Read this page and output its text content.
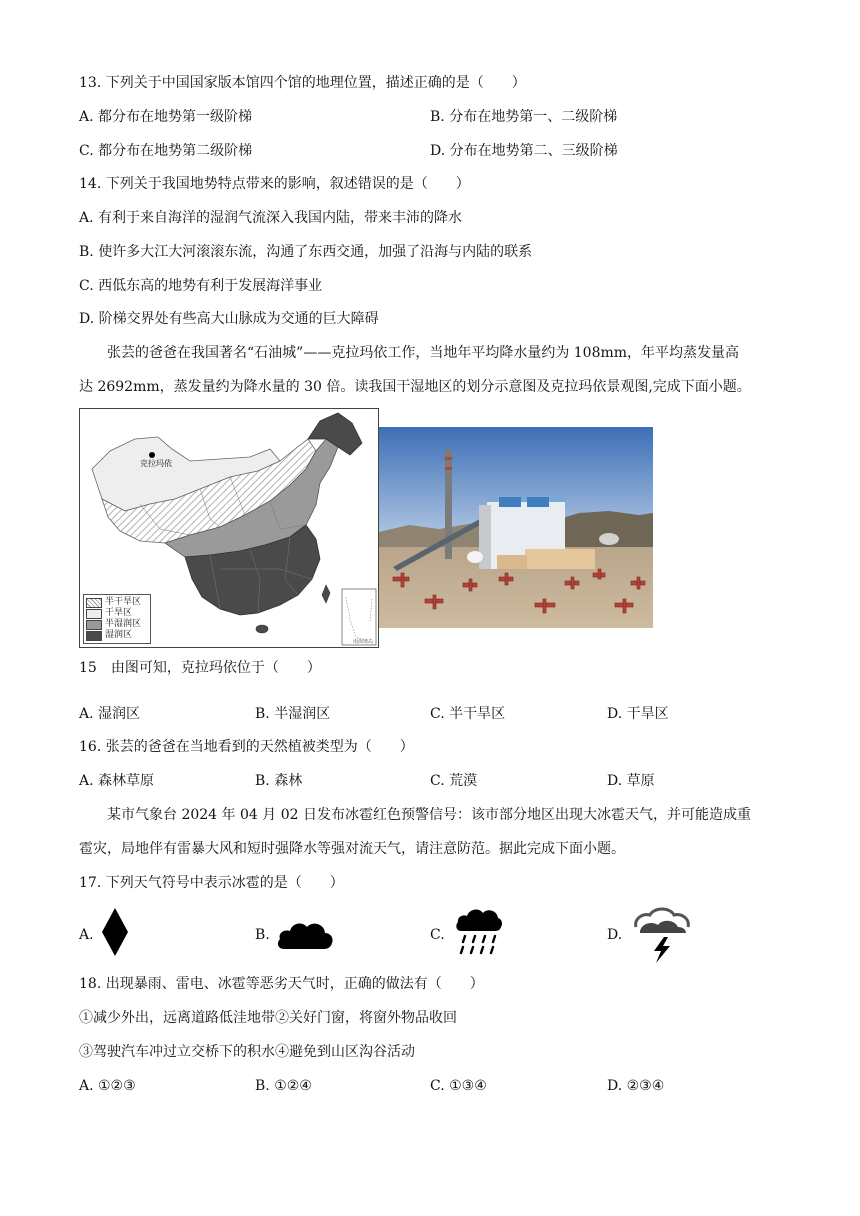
13. 下列关于中国国家版本馆四个馆的地理位置，描述正确的是（　　）
A. 都分布在地势第一级阶梯	B. 分布在地势第一、二级阶梯
C. 都分布在地势第二级阶梯	D. 分布在地势第二、三级阶梯
14. 下列关于我国地势特点带来的影响，叙述错误的是（　　）
A. 有利于来自海洋的湿润气流深入我国内陆，带来丰沛的降水
B. 使许多大江大河滚滚东流，沟通了东西交通，加强了沿海与内陆的联系
C. 西低东高的地势有利于发展海洋事业
D. 阶梯交界处有些高大山脉成为交通的巨大障碍
张芸的爸爸在我国著名“石油城”——克拉玛依工作，当地年平均降水量约为 108mm，年平均蒸发量高
达 2692mm，蒸发量约为降水量的 30 倍。读我国干湿地区的划分示意图及克拉玛依景观图,完成下面小题。
克拉玛依
南海诸岛
半干旱区
干旱区
半湿润区
湿润区
15　由图可知，克拉玛依位于（　　）
A. 湿润区	B. 半湿润区	C. 半干旱区	D. 干旱区
16. 张芸的爸爸在当地看到的天然植被类型为（　　）
A. 森林草原	B. 森林	C. 荒漠	D. 草原
某市气象台 2024 年 04 月 02 日发布冰雹红色预警信号：该市部分地区出现大冰雹天气，并可能造成重
雹灾，局地伴有雷暴大风和短时强降水等强对流天气，请注意防范。据此完成下面小题。
17. 下列天气符号中表示冰雹的是（　　）
A.	B.	C.	D.
18. 出现暴雨、雷电、冰雹等恶劣天气时，正确的做法有（　　）
①减少外出，远离道路低洼地带②关好门窗，将窗外物品收回
③驾驶汽车冲过立交桥下的积水④避免到山区沟谷活动
A. ①②③	B. ①②④	C. ①③④	D. ②③④
